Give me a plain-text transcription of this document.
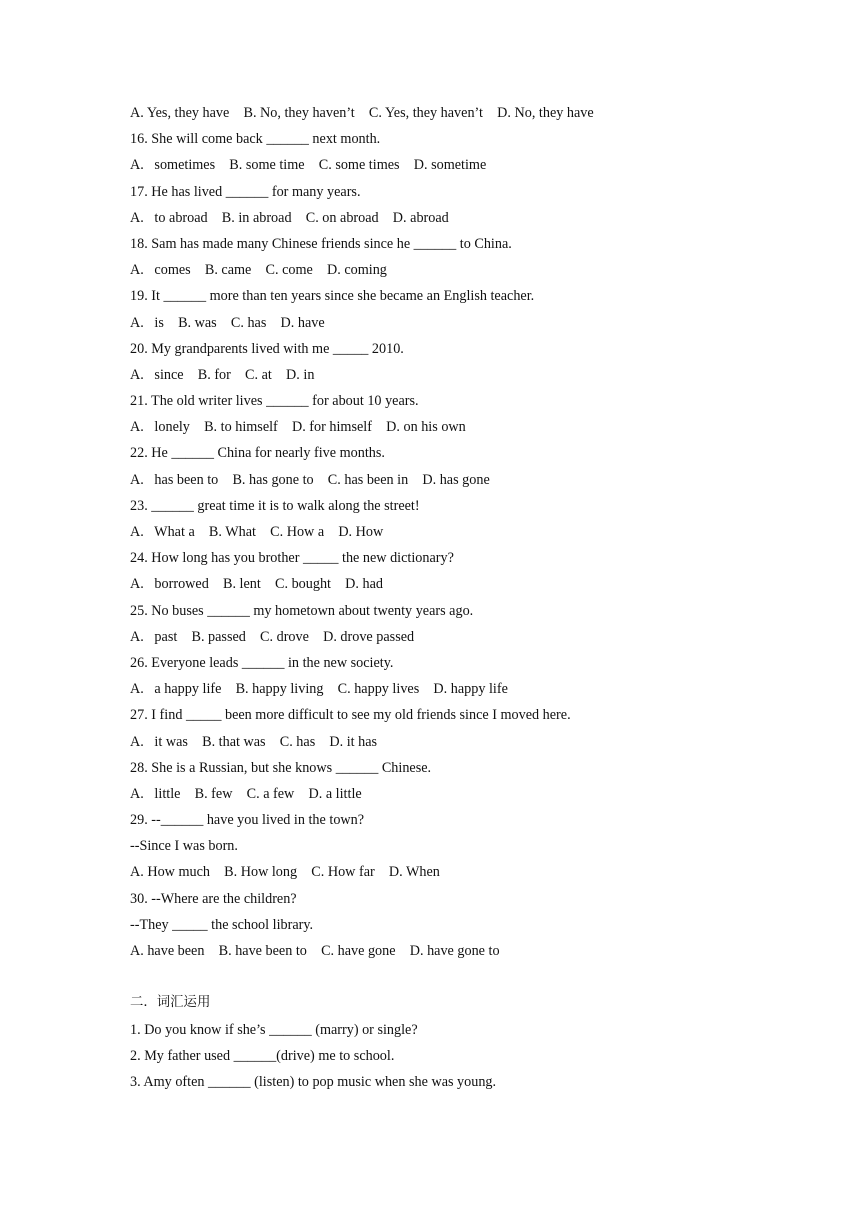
A. Yes, they have    B. No, they haven’t    C. Yes, they haven’t    D. No, they have
16. She will come back ______ next month.
A.   sometimes    B. some time    C. some times    D. sometime
17. He has lived ______ for many years.
A.   to abroad    B. in abroad    C. on abroad    D. abroad
18. Sam has made many Chinese friends since he ______ to China.
A.   comes    B. came    C. come    D. coming
19. It ______ more than ten years since she became an English teacher.
A.   is    B. was    C. has    D. have
20. My grandparents lived with me _____ 2010.
A.   since    B. for    C. at    D. in
21. The old writer lives ______ for about 10 years.
A.   lonely    B. to himself    D. for himself    D. on his own
22. He ______ China for nearly five months.
A.   has been to    B. has gone to    C. has been in    D. has gone
23. ______ great time it is to walk along the street!
A.   What a    B. What    C. How a    D. How
24. How long has you brother _____ the new dictionary?
A.   borrowed    B. lent    C. bought    D. had
25. No buses ______ my hometown about twenty years ago.
A.   past    B. passed    C. drove    D. drove passed
26. Everyone leads ______ in the new society.
A.   a happy life    B. happy living    C. happy lives    D. happy life
27. I find _____ been more difficult to see my old friends since I moved here.
A.   it was    B. that was    C. has    D. it has
28. She is a Russian, but she knows ______ Chinese.
A.   little    B. few    C. a few    D. a little
29. --______ have you lived in the town?
--Since I was born.
A. How much    B. How long    C. How far    D. When
30. --Where are the children?
--They _____ the school library.
A. have been    B. have been to    C. have gone    D. have gone to
二．词汇运用
1. Do you know if she’s ______ (marry) or single?
2. My father used ______(drive) me to school.
3. Amy often ______ (listen) to pop music when she was young.
